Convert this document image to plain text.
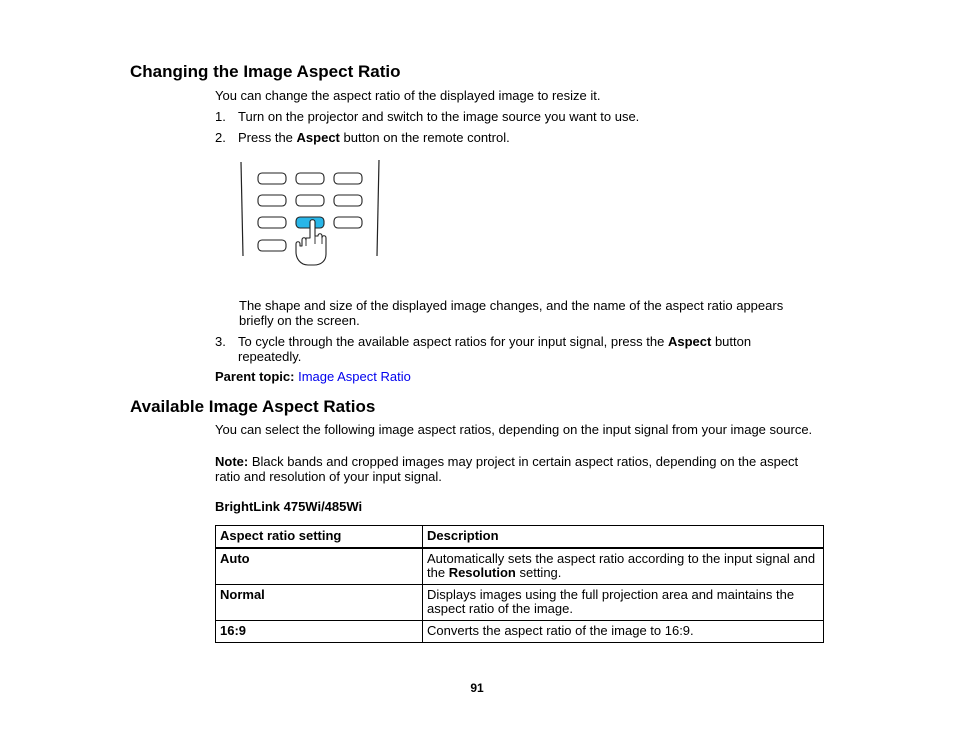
Changing the Image Aspect Ratio
You can change the aspect ratio of the displayed image to resize it.
1. Turn on the projector and switch to the image source you want to use.
2. Press the Aspect button on the remote control.
The shape and size of the displayed image changes, and the name of the aspect ratio appears briefly on the screen.
3. To cycle through the available aspect ratios for your input signal, press the Aspect button repeatedly.
Parent topic: Image Aspect Ratio
Available Image Aspect Ratios
You can select the following image aspect ratios, depending on the input signal from your image source.
Note: Black bands and cropped images may project in certain aspect ratios, depending on the aspect ratio and resolution of your input signal.
BrightLink 475Wi/485Wi
Aspect ratio setting	Description
Auto	Automatically sets the aspect ratio according to the input signal and the Resolution setting.
Normal	Displays images using the full projection area and maintains the aspect ratio of the image.
16:9	Converts the aspect ratio of the image to 16:9.
91
